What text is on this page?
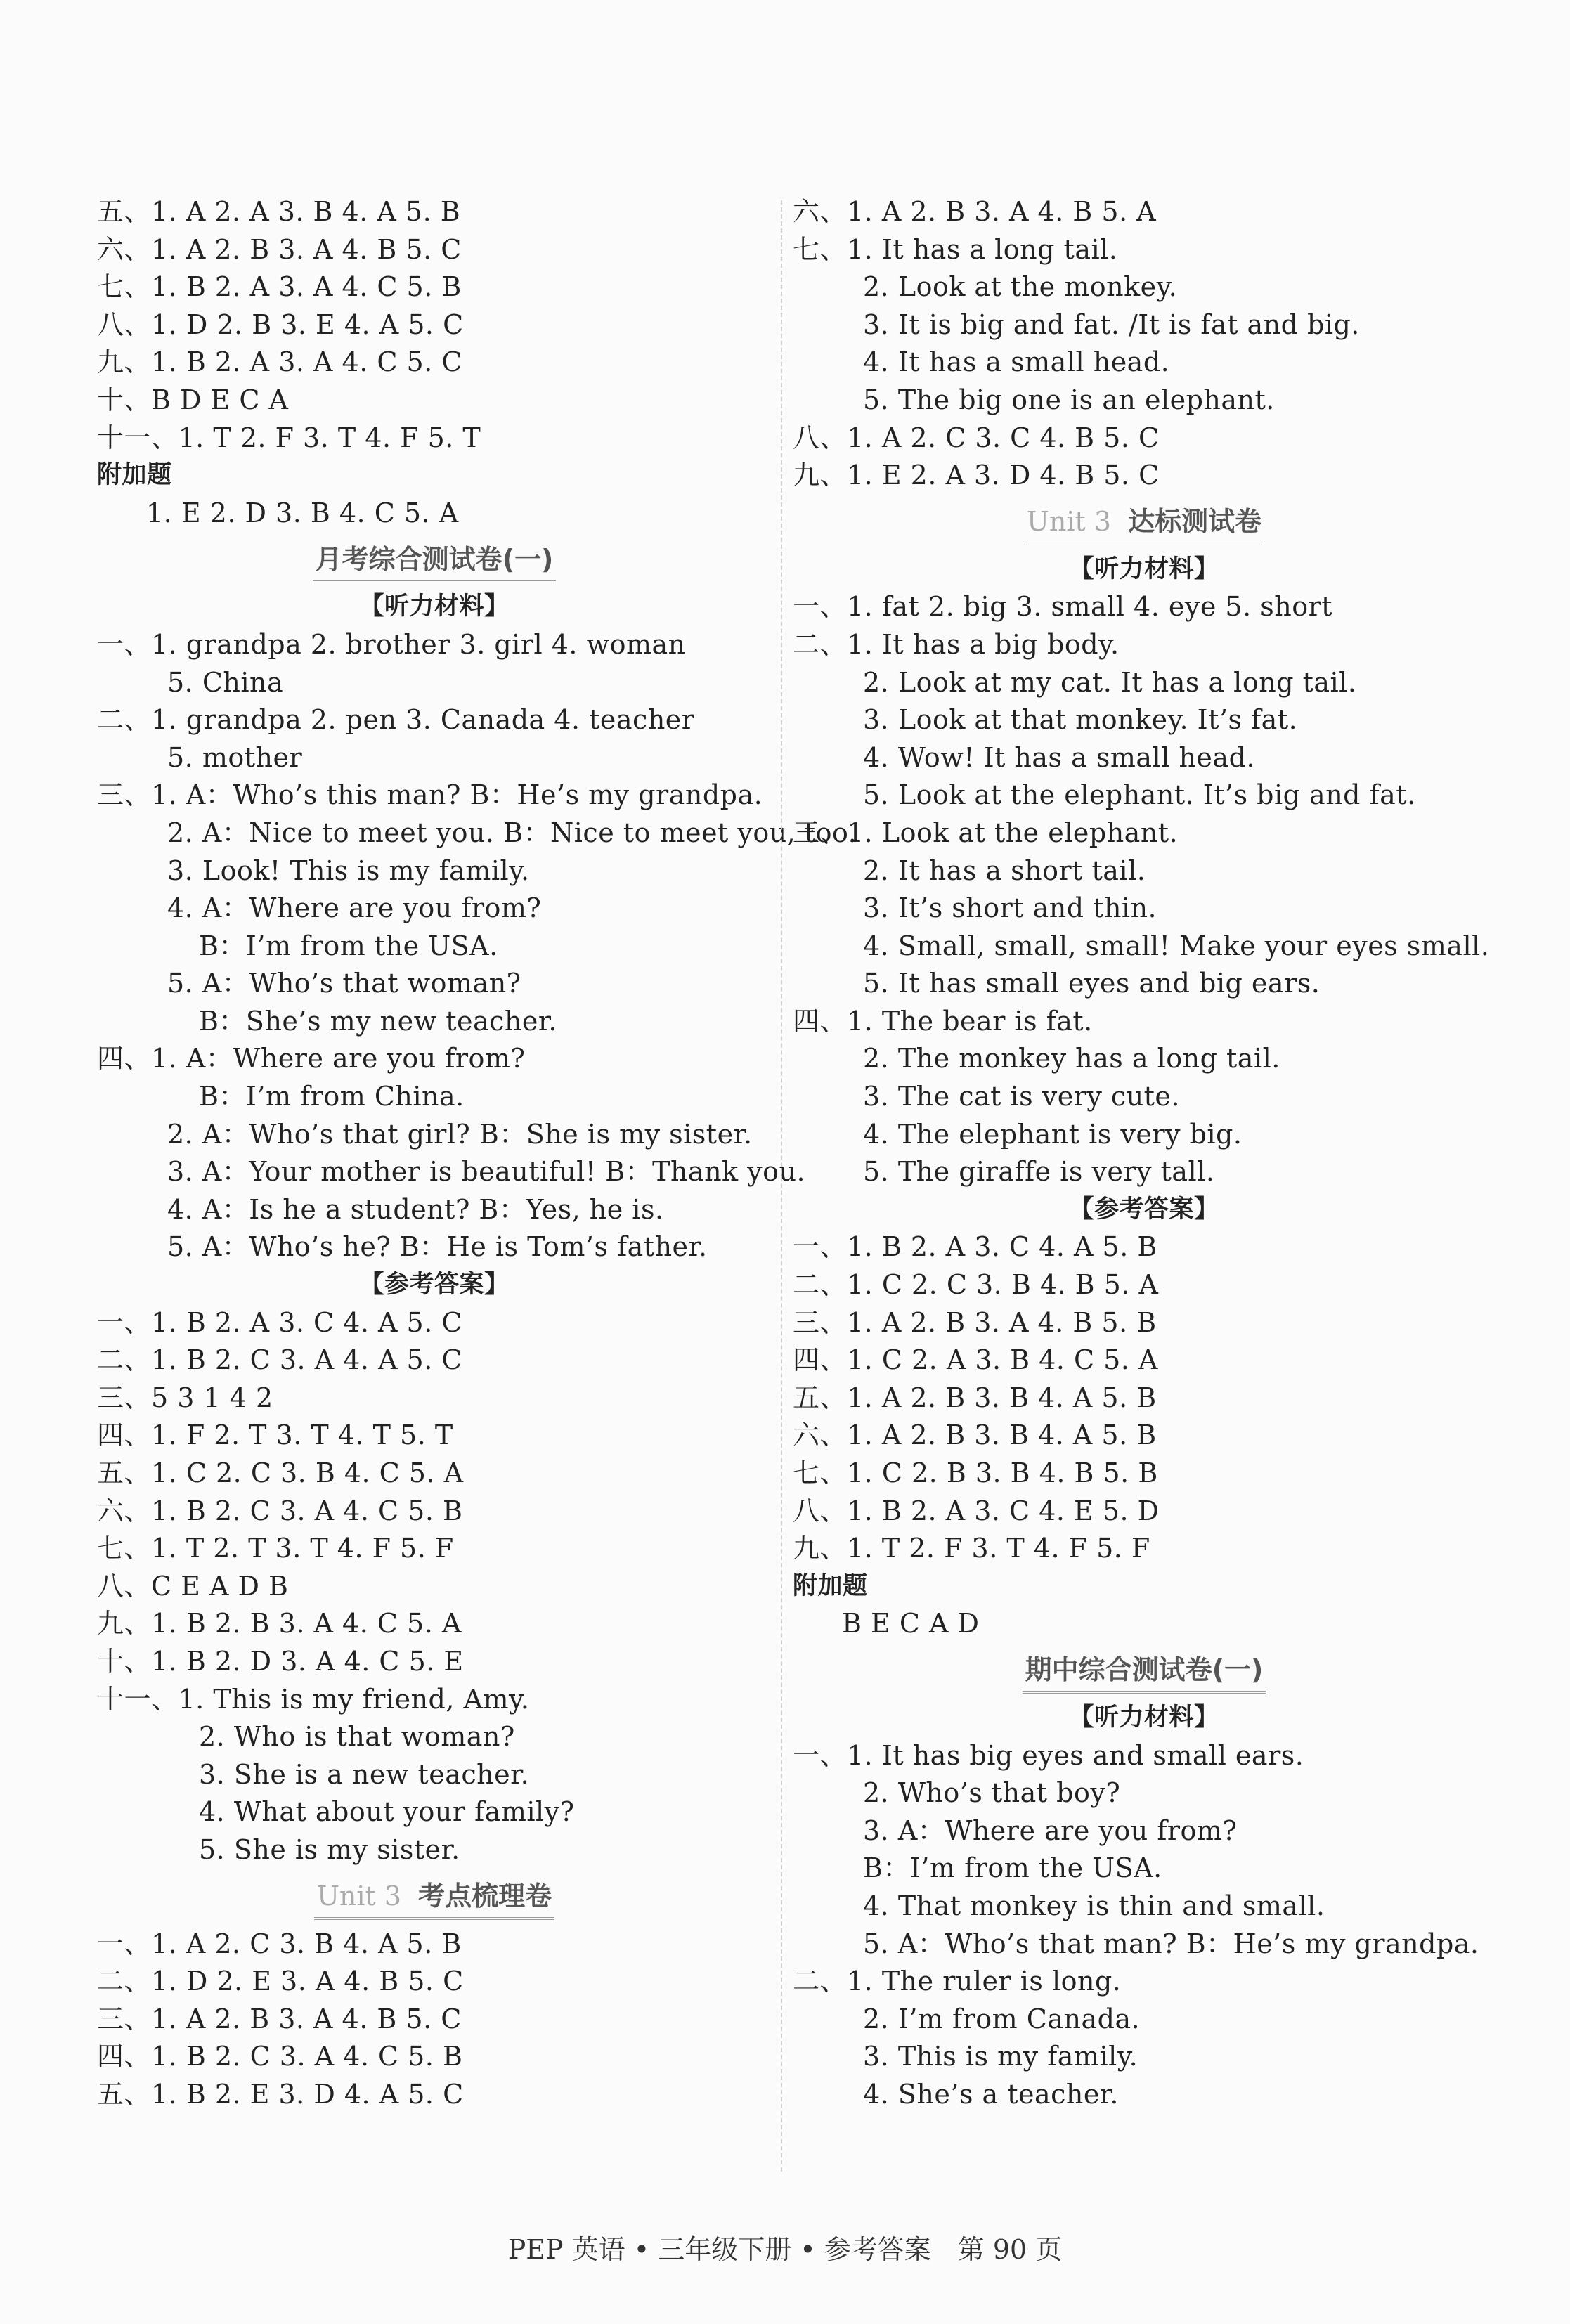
五、1. A 2. A 3. B 4. A 5. B
六、1. A 2. B 3. A 4. B 5. C
七、1. B 2. A 3. A 4. C 5. B
八、1. D 2. B 3. E 4. A 5. C
九、1. B 2. A 3. A 4. C 5. C
十、B D E C A
十一、1. T 2. F 3. T 4. F 5. T
附加题
1. E 2. D 3. B 4. C 5. A
月考综合测试卷(一)
【听力材料】
一、1. grandpa 2. brother 3. girl 4. woman
5. China
二、1. grandpa 2. pen 3. Canada 4. teacher
5. mother
三、1. A：Who’s this man? B：He’s my grandpa.
2. A：Nice to meet you. B：Nice to meet you, too.
3. Look! This is my family.
4. A：Where are you from?
B：I’m from the USA.
5. A：Who’s that woman?
B：She’s my new teacher.
四、1. A：Where are you from?
B：I’m from China.
2. A：Who’s that girl? B：She is my sister.
3. A：Your mother is beautiful! B：Thank you.
4. A：Is he a student? B：Yes, he is.
5. A：Who’s he? B：He is Tom’s father.
【参考答案】
一、1. B 2. A 3. C 4. A 5. C
二、1. B 2. C 3. A 4. A 5. C
三、5 3 1 4 2
四、1. F 2. T 3. T 4. T 5. T
五、1. C 2. C 3. B 4. C 5. A
六、1. B 2. C 3. A 4. C 5. B
七、1. T 2. T 3. T 4. F 5. F
八、C E A D B
九、1. B 2. B 3. A 4. C 5. A
十、1. B 2. D 3. A 4. C 5. E
十一、1. This is my friend, Amy.
2. Who is that woman?
3. She is a new teacher.
4. What about your family?
5. She is my sister.
Unit 3 考点梳理卷
一、1. A 2. C 3. B 4. A 5. B
二、1. D 2. E 3. A 4. B 5. C
三、1. A 2. B 3. A 4. B 5. C
四、1. B 2. C 3. A 4. C 5. B
五、1. B 2. E 3. D 4. A 5. C
六、1. A 2. B 3. A 4. B 5. A
七、1. It has a long tail.
2. Look at the monkey.
3. It is big and fat. /It is fat and big.
4. It has a small head.
5. The big one is an elephant.
八、1. A 2. C 3. C 4. B 5. C
九、1. E 2. A 3. D 4. B 5. C
Unit 3 达标测试卷
【听力材料】
一、1. fat 2. big 3. small 4. eye 5. short
二、1. It has a big body.
2. Look at my cat. It has a long tail.
3. Look at that monkey. It’s fat.
4. Wow! It has a small head.
5. Look at the elephant. It’s big and fat.
三、1. Look at the elephant.
2. It has a short tail.
3. It’s short and thin.
4. Small, small, small! Make your eyes small.
5. It has small eyes and big ears.
四、1. The bear is fat.
2. The monkey has a long tail.
3. The cat is very cute.
4. The elephant is very big.
5. The giraffe is very tall.
【参考答案】
一、1. B 2. A 3. C 4. A 5. B
二、1. C 2. C 3. B 4. B 5. A
三、1. A 2. B 3. A 4. B 5. B
四、1. C 2. A 3. B 4. C 5. A
五、1. A 2. B 3. B 4. A 5. B
六、1. A 2. B 3. B 4. A 5. B
七、1. C 2. B 3. B 4. B 5. B
八、1. B 2. A 3. C 4. E 5. D
九、1. T 2. F 3. T 4. F 5. F
附加题
B E C A D
期中综合测试卷(一)
【听力材料】
一、1. It has big eyes and small ears.
2. Who’s that boy?
3. A：Where are you from?
B：I’m from the USA.
4. That monkey is thin and small.
5. A：Who’s that man? B：He’s my grandpa.
二、1. The ruler is long.
2. I’m from Canada.
3. This is my family.
4. She’s a teacher.
PEP 英语 • 三年级下册 • 参考答案　第 90 页
